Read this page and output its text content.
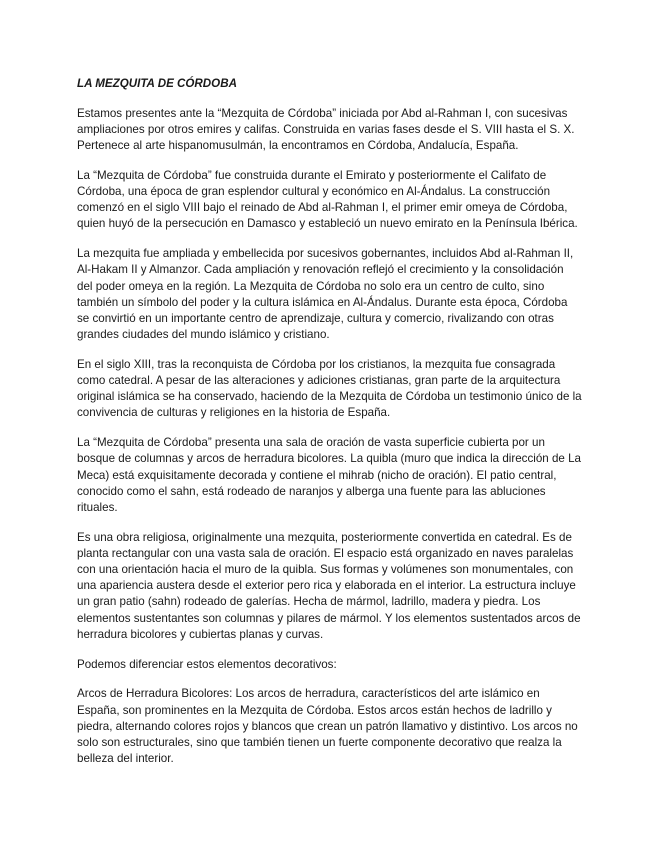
LA MEZQUITA DE CÓRDOBA

Estamos presentes ante la “Mezquita de Córdoba” iniciada por Abd al-Rahman I, con sucesivas ampliaciones por otros emires y califas. Construida en varias fases desde el S. VIII hasta el S. X. Pertenece al arte hispanomusulmán, la encontramos en Córdoba, Andalucía, España.

La “Mezquita de Córdoba” fue construida durante el Emirato y posteriormente el Califato de Córdoba, una época de gran esplendor cultural y económico en Al-Ándalus. La construcción comenzó en el siglo VIII bajo el reinado de Abd al-Rahman I, el primer emir omeya de Córdoba, quien huyó de la persecución en Damasco y estableció un nuevo emirato en la Península Ibérica.

La mezquita fue ampliada y embellecida por sucesivos gobernantes, incluidos Abd al-Rahman II, Al-Hakam II y Almanzor. Cada ampliación y renovación reflejó el crecimiento y la consolidación del poder omeya en la región. La Mezquita de Córdoba no solo era un centro de culto, sino también un símbolo del poder y la cultura islámica en Al-Ándalus. Durante esta época, Córdoba se convirtió en un importante centro de aprendizaje, cultura y comercio, rivalizando con otras grandes ciudades del mundo islámico y cristiano.

En el siglo XIII, tras la reconquista de Córdoba por los cristianos, la mezquita fue consagrada como catedral. A pesar de las alteraciones y adiciones cristianas, gran parte de la arquitectura original islámica se ha conservado, haciendo de la Mezquita de Córdoba un testimonio único de la convivencia de culturas y religiones en la historia de España.

La “Mezquita de Córdoba” presenta una sala de oración de vasta superficie cubierta por un bosque de columnas y arcos de herradura bicolores. La quibla (muro que indica la dirección de La Meca) está exquisitamente decorada y contiene el mihrab (nicho de oración). El patio central, conocido como el sahn, está rodeado de naranjos y alberga una fuente para las abluciones rituales.

Es una obra religiosa, originalmente una mezquita, posteriormente convertida en catedral. Es de planta rectangular con una vasta sala de oración. El espacio está organizado en naves paralelas con una orientación hacia el muro de la quibla. Sus formas y volúmenes son monumentales, con una apariencia austera desde el exterior pero rica y elaborada en el interior. La estructura incluye un gran patio (sahn) rodeado de galerías. Hecha de mármol, ladrillo, madera y piedra. Los elementos sustentantes son columnas y pilares de mármol. Y los elementos sustentados arcos de herradura bicolores y cubiertas planas y curvas.

Podemos diferenciar estos elementos decorativos:

Arcos de Herradura Bicolores: Los arcos de herradura, característicos del arte islámico en España, son prominentes en la Mezquita de Córdoba. Estos arcos están hechos de ladrillo y piedra, alternando colores rojos y blancos que crean un patrón llamativo y distintivo. Los arcos no solo son estructurales, sino que también tienen un fuerte componente decorativo que realza la belleza del interior.
